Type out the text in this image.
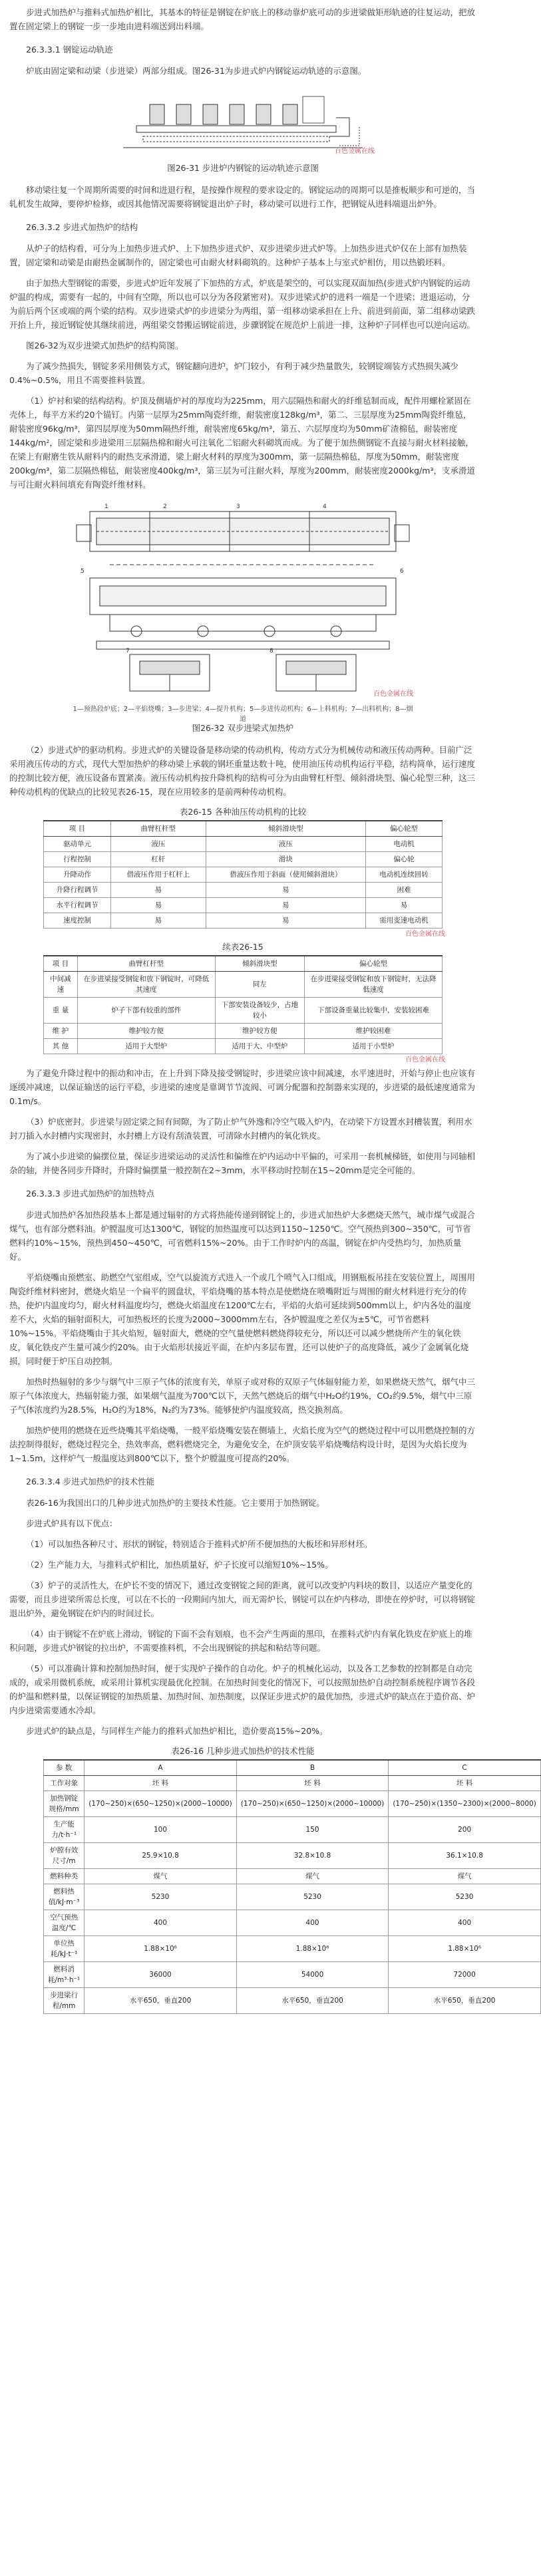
步进式加热炉与推料式加热炉相比，其基本的特征是钢锭在炉底上的移动靠炉底可动的步进梁做矩形轨迹的往复运动，把放置在固定梁上的钢锭一步一步地由进料端送到出料端。

26.3.3.1 钢锭运动轨迹

炉底由固定梁和动梁（步进梁）两部分组成。图26-31为步进式炉内钢锭运动轨迹的示意图。

百色金属在线
图26-31 步进炉内钢锭的运动轨迹示意图

移动梁往复一个周期所需要的时间和进退行程，是按操作规程的要求设定的。钢锭运动的周期可以是推板顺步和可逆的，当轧机发生故障，要停炉检修，或因其他情况需要将钢锭退出炉子时，移动梁可以进行工作，把钢锭从进料端退出炉外。

26.3.3.2 步进式加热炉的结构

从炉子的结构看，可分为上加热步进式炉、上下加热步进式炉、双步进梁步进式炉等。上加热步进式炉仅在上部有加热装置，固定梁和动梁是由耐热金属制作的，固定梁也可由耐火材料砌筑的。这种炉子基本上与室式炉相仿，用以热锻坯料。

由于加热大型钢锭的需要，步进式炉近年发展了下加热的方式，炉底是架空的，可以实现双面加热(步进式炉内钢锭的运动炉温的构成，需要有一起的，中间有空隙，所以也可以分为各段紧密对)。双步进梁式炉的进料一端是一个进梁；进退运动，分为前后两个区或端的两个梁的结构。双步进梁式炉的步进梁分为两组，第一组移动梁承担在上升、前进到前面，第二组移动梁跌开抬上升，接近钢锭使其继续前进，两组梁交替搬运钢锭前进，步骤钢锭在规范炉上前进一排，这种炉子同样也可以逆向运动。

图26-32为双步进梁式加热炉的结构简图。

为了减少热损失，钢锭多采用侧装方式，钢锭翻向进炉，炉门较小，有利于减少热量散失，较钢锭端装方式热损失减少0.4%~0.5%，用且不需要推料装置。

（1）炉衬和梁的结构结构。炉顶及侧墙炉衬的厚度均为225mm，用六层隔热和耐火的纤维毡制而成，配件用螺栓紧固在壳体上，每平方米约20个锚钉。内第一层厚为25mm陶瓷纤维，耐装密度128kg/m³，第二、三层厚度为25mm陶瓷纤维毡，耐装密度96kg/m³，第四层厚度为50mm隔热纤维，耐装密度65kg/m³，第五、六层厚度均为50mm矿渣棉毡，耐装密度144kg/m²，固定梁和步进梁用三层隔热棉和耐火可注氧化二铝耐火料砌筑而成。为了便于加热侧钢锭不直接与耐火材料接触，在梁上有耐磨生铁从耐料内的耐热支承滑道，梁上耐火材料的厚度为300mm，第一层隔热棉毡，厚度为50mm，耐装密度200kg/m³，第二层隔热棉毡，耐装密度400kg/m³，第三层为可注耐火料，厚度为200mm，耐装密度2000kg/m³，支承滑道与可注耐火料间填充有陶瓷纤维材料。

1	2	3	4
5	6
7	8
1—预热段炉底；2—平焰烧嘴；3—步进梁；4—提升机构；5—步进传动机构；6—上料机构；7—出料机构；8—烟道
百色金属在线
图26-32 双步进梁式加热炉

（2）步进式炉的驱动机构。步进式炉的关键设备是移动梁的传动机构，传动方式分为机械传动和液压传动两种。目前广泛采用液压传动的方式，现代大型加热炉的移动梁上承载的钢坯重量达数十吨，使用油压传动机构运行平稳，结构简单，运行速度的控制比较方便，液压设备布置紧凑。液压传动机构按升降机构的结构可分为由曲臂杠杆型、倾斜滑块型、偏心轮型三种，这三种传动机构的优缺点的比较见表26-15，现在应用较多的是前两种传动机构。

表26-15 各种油压传动机构的比较
项 目	曲臂杠杆型	倾斜滑块型	偏心轮型
驱动单元	液压	液压	电动机
行程控制	杠杆	滑块	偏心轮
升降动作	借液压作用于杠杆上	借液压作用于斜面（使用倾斜滑块）	电动机连续回转
升降行程调节	易	易	困难
水平行程调节	易	易	易
速度控制	易	易	需用变速电动机
百色金属在线
续表26-15
项 目	曲臂杠杆型	倾斜滑块型	偏心轮型
中间减速	在步进梁接受钢锭和放下钢锭时，可降低其速度	同左	在步进梁接受钢锭和放下钢锭时，无法降低速度
重 量	炉子下部有较重的部件	下部安装设备较少，占地较小	下部设备重量比较集中，安装较困难
维 护	维护较方便	维护较方便	维护较困难
其 他	适用于大型炉	适用于大、中型炉	适用于小型炉
百色金属在线

为了避免升降过程中的振动和冲击，在上升到下降及接受钢锭时，步进梁应该中间减速，水平速进时，开始与停止也应该有逐缓冲减速，以保证输送的运行平稳，步进梁的速度是靠调节节流阀、可调分配器和控制器来实现的，步进梁的最低速度通常为0.1m/s。

（3）炉底密封。步进梁与固定梁之间有间隙，为了防止炉气外逸和冷空气吸入炉内，在动梁下方设置水封槽装置，利用水封刀插入水封槽内实现密封，水封槽上方设有刮渣装置，可清除水封槽内的氧化铁皮。

为了减小步进梁的偏摆位量，保证步进梁运动的灵活性和偏维在炉内运动中平偏的，可采用一套机械梯链，如使用与同轴相杂的轴，并使各同步升降时，升降时偏摆量一般控制在2~3mm，水平移动时控制在15~20mm是完全可能的。

26.3.3.3 步进式加热炉的加热特点

步进式加热炉各加热段基本上都是通过辐射的方式将热能传递到钢锭上的，步进式加热炉大多燃烧天然气，城市煤气或混合煤气，也有部分燃料油。炉膛温度可达1300℃，钢锭的加热温度可以达到1150~1250℃。空气预热到300~350℃，可节省燃料约10%~15%，预热到450~450℃，可省燃料15%~20%。由于工作时炉内的高温，钢锭在炉内受热均匀，加热质量好。

平焰烧嘴由预燃室、助燃空气室组成，空气以旋流方式进入一个或几个喷气入口组成，用钢瓶板吊挂在安装位置上，周围用陶瓷纤维材料密封，燃烧火焰呈一个扁平的圆盘状，平焰烧嘴的基本特点是使燃烧在喷嘴附近与周围的耐火材料进行充分的传热，使炉内温度均匀，耐火材料温度均匀，燃烧火焰温度在1200℃左右，平焰的火焰可延续到500mm以上，炉内各处的温度差不大，火焰的辐射面积大，可加热板坯的长度为2000~3000mm左右，各炉膛温度之差仅为±5℃，可节省燃料10%~15%。平焰烧嘴由于其火焰短，辐射面大，燃烧的空气量使燃料燃烧得较充分，所以还可以减少燃烧所产生的氧化铁皮，氧化铁皮产生量可减少约20%。由于火焰形状接近平面，在炉内多层布置，还可以使炉子的高度降低，减少了金属氧化烧损，同时便于炉压自动控制。

加热时热辐射的多少与烟气中三原子气体的浓度有关，单原子或对称的双原子气体辐射能力差，如果燃烧天然气，烟气中三原子气体浓度大，热辐射能力强，如果烟气温度为700℃以下，天然气燃烧后的烟气中H₂O约19%，CO₂约9.5%，烟气中三原子气体浓度约为28.5%，H₂O约为18%，N₂约为73%。能够使炉内温度较高，热交换剂高。

加热炉使用的燃烧在近些烧嘴其平焰烧嘴，一般平焰烧嘴安装在侧墙上，火焰长度为空气的燃烧过程中可以用燃烧控制的方法控制得很好，燃烧过程完全，热效率高，燃料燃烧完全，为避免安全，在炉顶安装平焰烧嘴结构设计时，是因为火焰长度为1~1.5m，这样炉气一般温度达到800℃以下，整个炉膛温度可提高约20%。

26.3.3.4 步进式加热炉的技术性能

表26-16为我国出口的几种步进式加热炉的主要技术性能。它主要用于加热钢锭。

步进式炉具有以下优点：

（1）可以加热各种尺寸、形状的钢锭，特别适合于推料式炉所不便加热的大板坯和异形材坯。

（2）生产能力大，与推料式炉相比，加热质量好，炉子长度可以缩短10%~15%。

（3）炉子的灵活性大，在炉长不变的情况下，通过改变钢锭之间的距离，就可以改变炉内料块的数目，以适应产量变化的需要，而且步进梁所需总长度，可以在不长的一段期间内加大，而无需炉长，钢锭可以在炉内移动，即使在停炉时，可以将钢锭退出炉外，避免钢锭在炉内的时间过长。

（4）由于钢锭不在炉底上滑动，钢锭的下面不会有划痕，也不会产生两面的黑印，在推料式炉内有氧化铁皮在炉底上的堆积问题，步进式炉钢锭的拉出炉，不需要推料机，不会出现钢锭的拱起和粘结等问题。

（5）可以准确计算和控制加热时间，便于实现炉子操作的自动化。炉子的机械化运动，以及各工艺参数的控制都是自动完成的，或采用微机系统，或采用计算机实现最优化控制。在加热时间变化的情况下，可以按照加热炉自动控制系统程序调节各段的炉温和燃料量，以保证钢锭的加热质量、加热时间、加热制度，以保证步进式炉的最优加热，步进式炉的缺点在于造价高、炉内步进梁需要通水冷却。

步进式炉的缺点是，与同样生产能力的推料式加热炉相比，造价要高15%~20%。

表26-16 几种步进式加热炉的技术性能
参 数	A	B	C
工作对象	坯 料	坯 料	坯 料
加热钢锭规格/mm	(170~250)×(650~1250)×(2000~10000)	(170~250)×(650~1250)×(2000~10000)	(170~250)×(1350~2300)×(2000~8000)
生产能力/t·h⁻¹	100	150	200
炉膛有效尺寸/m	25.9×10.8	32.8×10.8	36.1×10.8
燃料种类	煤气	煤气	煤气
燃料热值/kJ·m⁻³	5230	5230	5230
空气预热温度/℃	400	400	400
单位热耗/kJ·t⁻¹	1.88×10⁶	1.88×10⁶	1.88×10⁶
燃料消耗/m³·h⁻¹	36000	54000	72000
步进梁行程/mm	水平650，垂直200	水平650，垂直200	水平650，垂直200
